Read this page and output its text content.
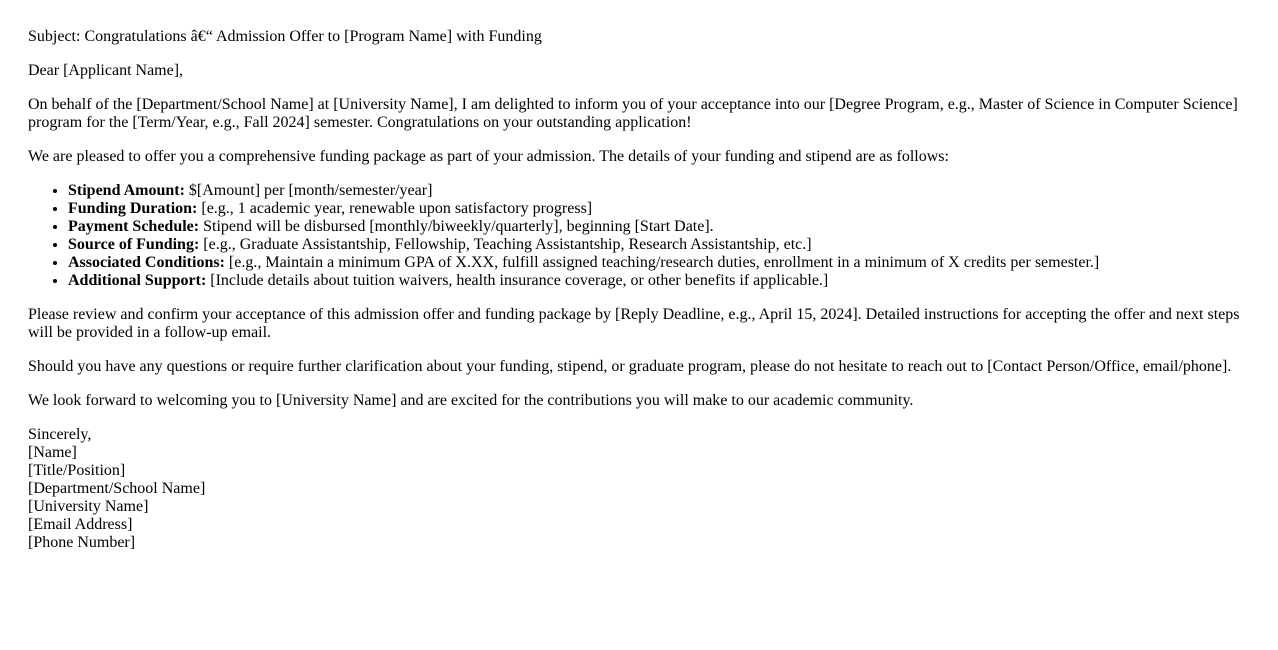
Subject: Congratulations â€“ Admission Offer to [Program Name] with Funding

Dear [Applicant Name],

On behalf of the [Department/School Name] at [University Name], I am delighted to inform you of your acceptance into our [Degree Program, e.g., Master of Science in Computer Science] program for the [Term/Year, e.g., Fall 2024] semester. Congratulations on your outstanding application!

We are pleased to offer you a comprehensive funding package as part of your admission. The details of your funding and stipend are as follows:

• Stipend Amount: $[Amount] per [month/semester/year]
• Funding Duration: [e.g., 1 academic year, renewable upon satisfactory progress]
• Payment Schedule: Stipend will be disbursed [monthly/biweekly/quarterly], beginning [Start Date].
• Source of Funding: [e.g., Graduate Assistantship, Fellowship, Teaching Assistantship, Research Assistantship, etc.]
• Associated Conditions: [e.g., Maintain a minimum GPA of X.XX, fulfill assigned teaching/research duties, enrollment in a minimum of X credits per semester.]
• Additional Support: [Include details about tuition waivers, health insurance coverage, or other benefits if applicable.]

Please review and confirm your acceptance of this admission offer and funding package by [Reply Deadline, e.g., April 15, 2024]. Detailed instructions for accepting the offer and next steps will be provided in a follow-up email.

Should you have any questions or require further clarification about your funding, stipend, or graduate program, please do not hesitate to reach out to [Contact Person/Office, email/phone].

We look forward to welcoming you to [University Name] and are excited for the contributions you will make to our academic community.

Sincerely,
[Name]
[Title/Position]
[Department/School Name]
[University Name]
[Email Address]
[Phone Number]
